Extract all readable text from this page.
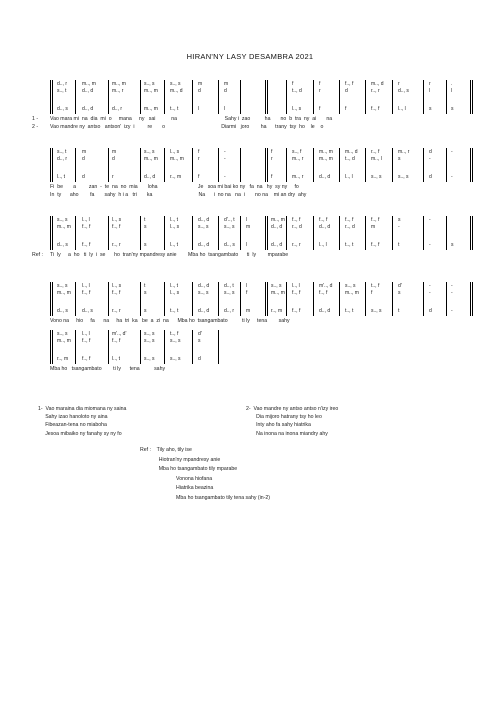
HIRAN'NY LASY DESAMBRA 2021
d.., r	m.., m	m.., m	s.., s	s.., s	m	m	f	f	f.., f	m.., d	r	r	.
s.., t	d.., d	m.., r	m.., m m.., d	d	d	t.., d	r	d	r.., r	d.., s	l	l
d.., s	d.., d	d.., r	m.., m t.., t	l	l	l.., s	f	f	f.., f	l.., l	s	s
1 - Vao mara mi  na  dia  mi  o     mana     ny   sai           na                                 Sahy i  zao          ha       no  b  tra  ny  ai       na
2 - Vao mandre ny  antso   antson'  izy  i         re       o                                       Diarmi   joro        ha      trany  tsy  ho    le    o
s.., t	m	m	s.., s	l.., s	f	-	f	s.., f	m.., m m.., d	r.., f	m.., r	d	-
d.., r	d	d	m.., m m.., m	r	-	r	m.., r	m.., m t.., d	m.., l	s	-
l.., t	d	r	d.., d	r.., m	f	-	f	m.., r	d.., d	l.., l	s.., s	s.., s	d	-
Fi  be       a         zan  -  te  na  no  mia       loha                            Je   soa mi bai ko ny   fa  na   hy  sy ny     fo
In  ty      aho        fa       sahy  h i a   tri       ka                                Na      i  no na   na  i       no na    mi an dry  ahy
s.., s	l.., l	l.., s	t	l.., t	d.., d	d'.., t l	m.., m f.., f	f.., f	f.., f	f.., f	s	-
m.., m f.., f	f.., f	s	l.., s	s.., s	s.., s m	d.., d r.., d	d.., d	r.., d	m	-
d.., s	f.., f	r.., r	s	l.., t	d.., d	d.., s l	d.., d r.., r	l.., l	t.., t	f.., f	t	-	s
Ref : Ti  ly     a  ho   ti  ly  i  se      ho  tran'ny mpandresy anie        Mba ho  tsangambato      ti  ly        mparabe
s.., s	l.., l	l.., s	t	l.., t	d.., d	d.., t l	s.., s l.., l	m'.., d	s.., s	t.., f	d'	-	-
m.., m f.., f	f.., f	s	l.., s	s.., s	s.., s f	m.., m f.., f	f.., f	m.., m f	s	-	-
d.., s	d.., s	r.., r	s	t.., t	d.., d	d.., r m	r.., m f.., f	d.., d	t.., t	s.., s	t	d	-
Vono na     hio     fa      na     ha  tri  ka   be  a  zi  na      Mba ho  tsangambato          ti ly     tena        sahy
s.., s	l.., l	m'.., d'	s.., s	t.., f	d'
m.., m f.., f	f.., f	s.., s	s.., s	s
r.., m	f.., f	l.., t	s.., s	s.., s	d
Mba ho   tsangambato        ti ly      tena          sahy
1-  Vao maraina dia miomana ny saina
Sahy izao hanoloto ny aina
Fibeazan-tena no miaboha
Jesoa mibaiko ny fanahy sy ny fo
2-  Vao mandre ny antso antso n'izy ireo
Dia mijoro hatrany tsy ho leo
Inty aho fa sahy hiatrika
Na inona na inona miandry ahy
Ref :    Tily aho, tily ise
Hiotran'ny mpandresy anie
Mba ho tsangambato tily mparabe
Vonona hiofana
Hiatrika beazina
Mba ho tsangambato tily tena sahy (in-2)
